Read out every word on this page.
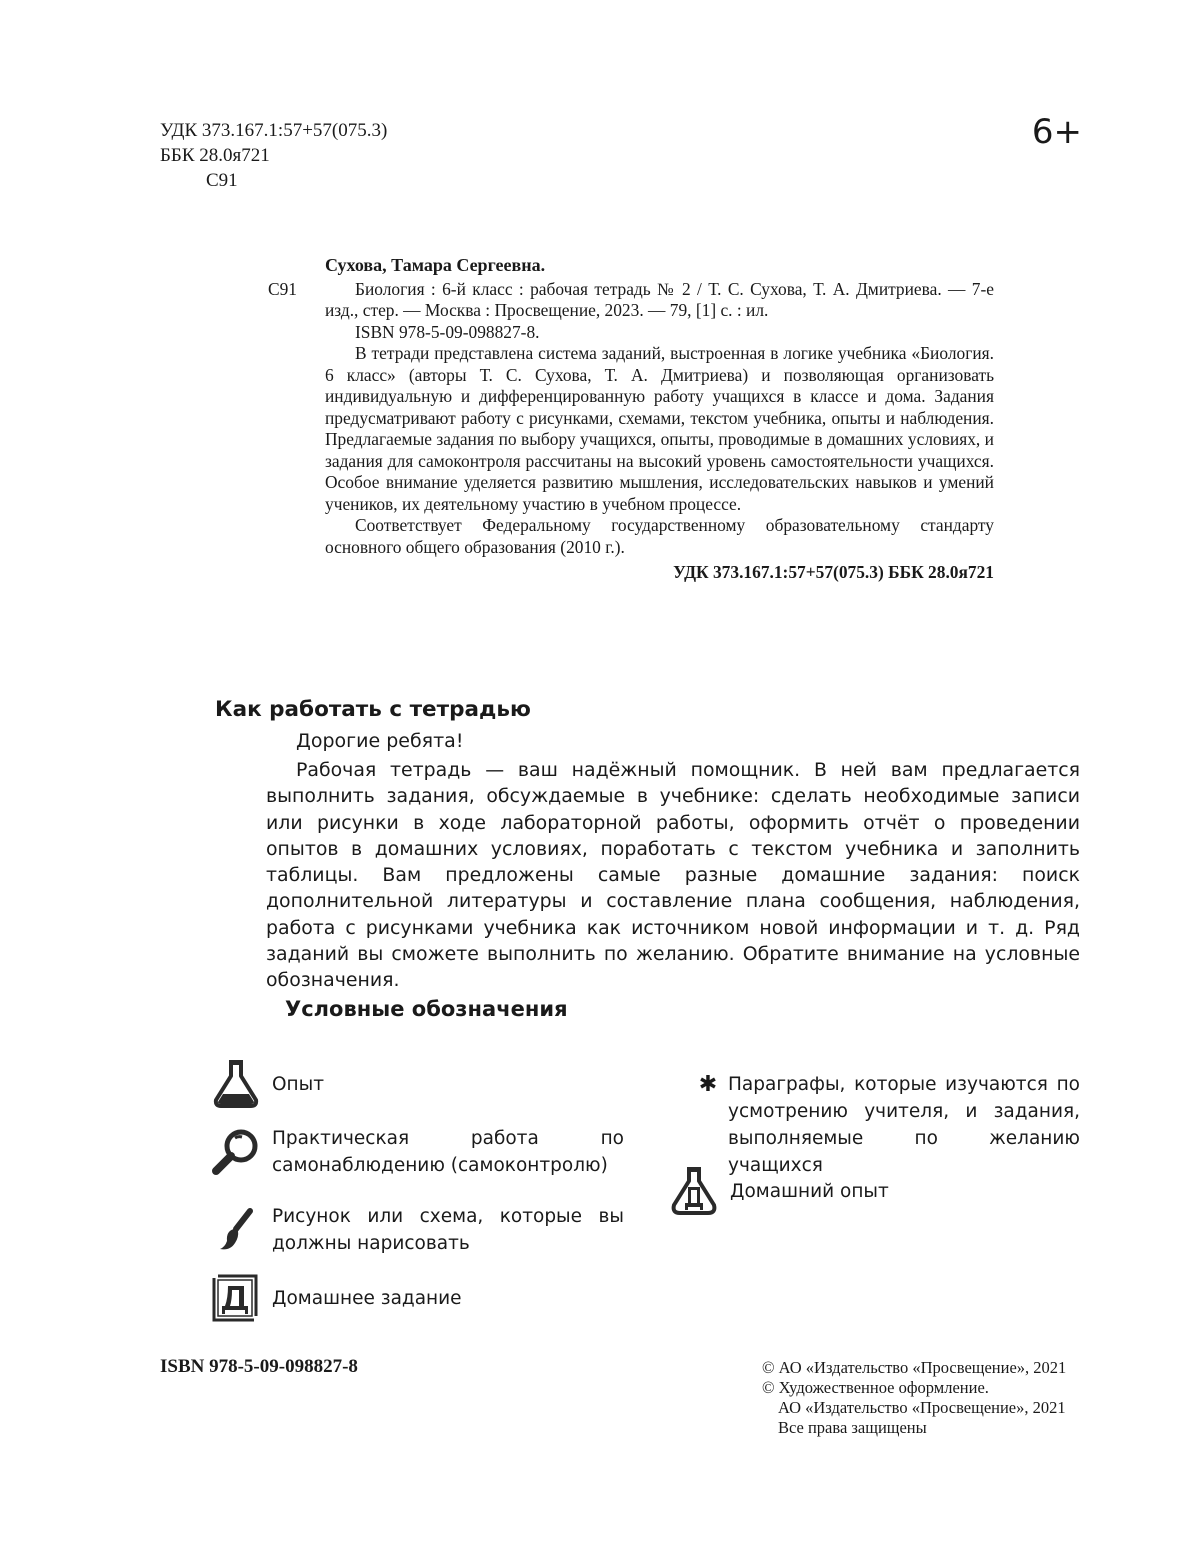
УДК 373.167.1:57+57(075.3)
ББК 28.0я721
С91
6+
С91
Сухова, Тамара Сергеевна.

Биология : 6-й класс : рабочая тетрадь № 2 / Т. С. Сухова, Т. А. Дмитриева. — 7-е изд., стер. — Москва : Просвещение, 2023. — 79, [1] с. : ил.

ISBN 978-5-09-098827-8.

В тетради представлена система заданий, выстроенная в логике учебника «Биология. 6 класс» (авторы Т. С. Сухова, Т. А. Дмитриева) и позволяющая организовать индивидуальную и дифференцированную работу учащихся в классе и дома. Задания предусматривают работу с рисунками, схемами, текстом учебника, опыты и наблюдения. Предлагаемые задания по выбору учащихся, опыты, проводимые в домашних условиях, и задания для самоконтроля рассчитаны на высокий уровень самостоятельности учащихся. Особое внимание уделяется развитию мышления, исследовательских навыков и умений учеников, их деятельному участию в учебном процессе.

Соответствует Федеральному государственному образовательному стандарту основного общего образования (2010 г.).

УДК 373.167.1:57+57(075.3) ББК 28.0я721
Как работать с тетрадью
Дорогие ребята!

Рабочая тетрадь — ваш надёжный помощник. В ней вам предлагается выполнить задания, обсуждаемые в учебнике: сделать необходимые записи или рисунки в ходе лабораторной работы, оформить отчёт о проведении опытов в домашних условиях, поработать с текстом учебника и заполнить таблицы. Вам предложены самые разные домашние задания: поиск дополнительной литературы и составление плана сообщения, наблюдения, работа с рисунками учебника как источником новой информации и т. д. Ряд заданий вы сможете выполнить по желанию. Обратите внимание на условные обозначения.

Условные обозначения
Опыт
Практическая работа по самонаблюдению (самоконтролю)
Рисунок или схема, которые вы должны нарисовать
Домашнее задание
✱ Параграфы, которые изучаются по усмотрению учителя, и задания, выполняемые по желанию учащихся
Домашний опыт
ISBN 978-5-09-098827-8	© АО «Издательство «Просвещение», 2021
© Художественное оформление.
АО «Издательство «Просвещение», 2021
Все права защищены
